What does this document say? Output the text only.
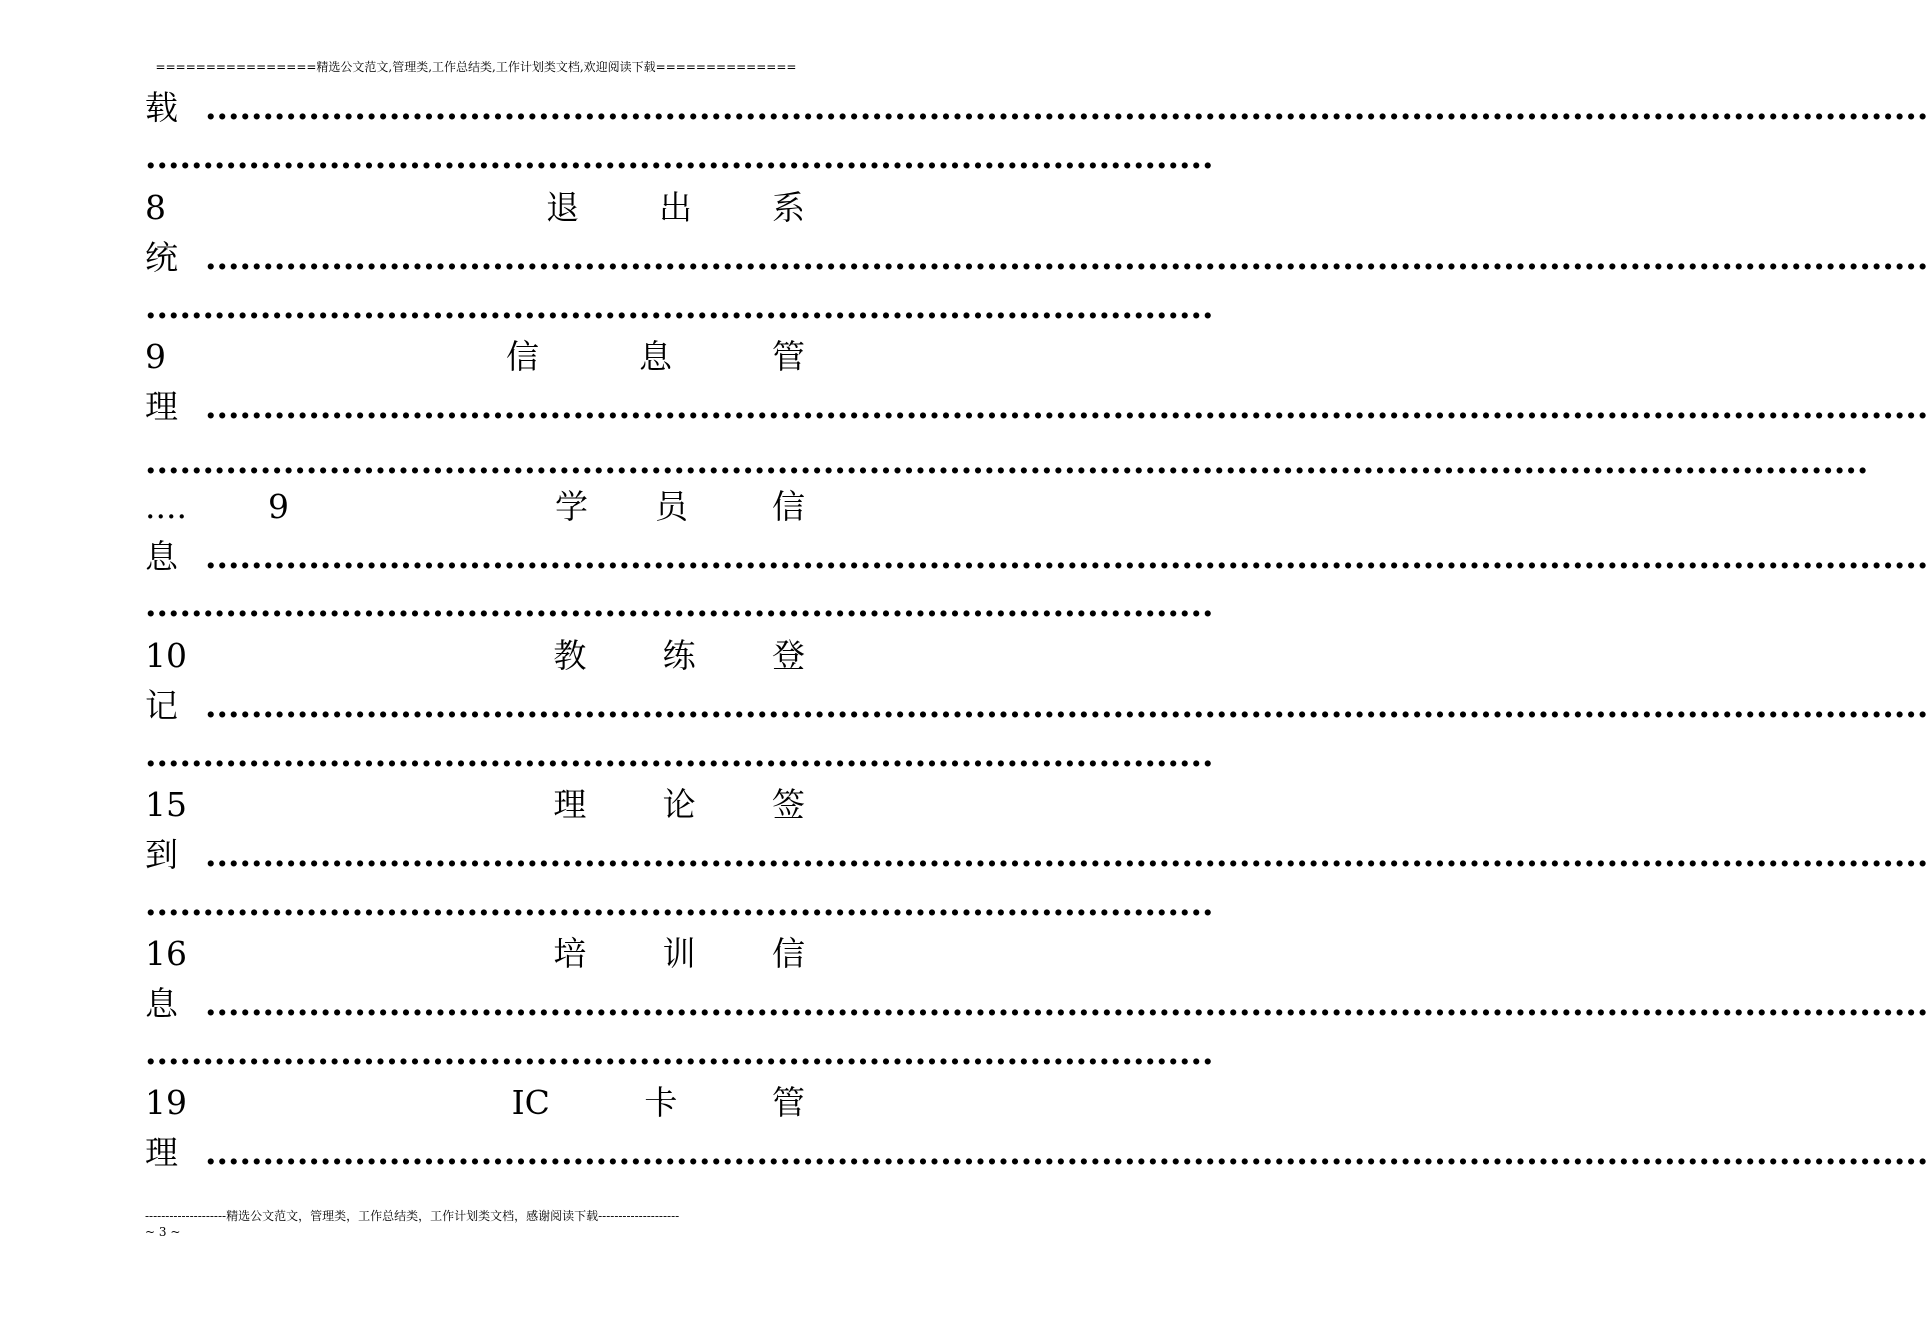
================精选公文范文,管理类,工作总结类,工作计划类文档,欢迎阅读下载==============
载 ......................................................................................................................................................
.............................................................................................
8	退 出 系
统 ......................................................................................................................................................
.............................................................................................
9	信	息	管
理 ......................................................................................................................................................
......................................................................................................................................................
.... 9	学 员	信
息 ......................................................................................................................................................
.............................................................................................
10	教 练 登
记 ......................................................................................................................................................
.............................................................................................
15	理 论 签
到 ......................................................................................................................................................
.............................................................................................
16	培 训 信
息 ......................................................................................................................................................
.............................................................................................
19	IC	卡	管
理 ......................................................................................................................................................
--------------------精选公文范文，管理类，工作总结类，工作计划类文档，感谢阅读下载--------------------
~ 3 ~
